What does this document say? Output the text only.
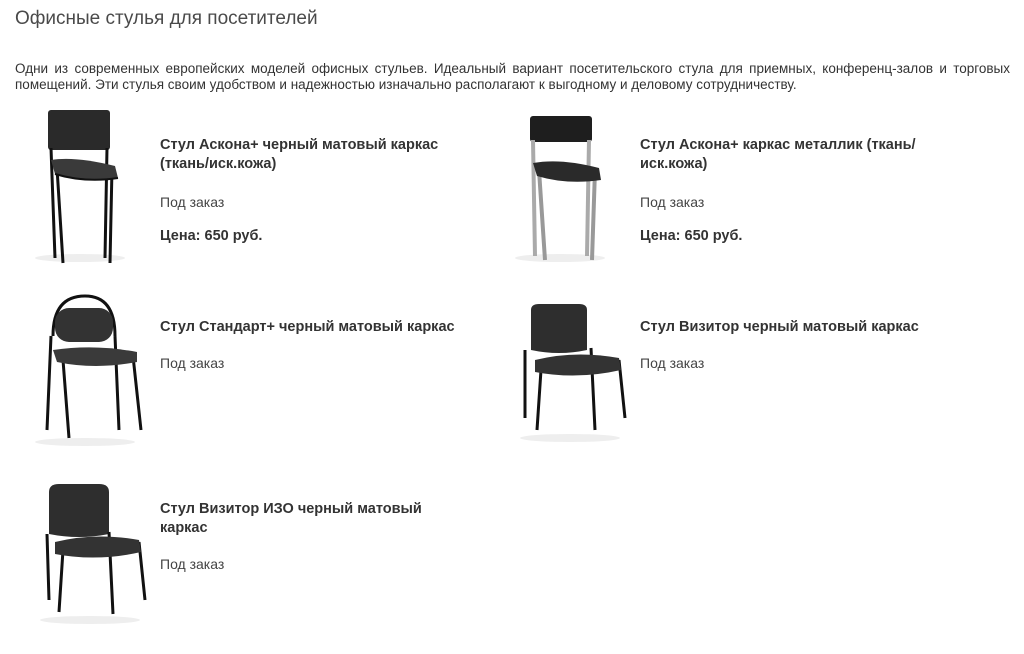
Офисные стулья для посетителей

Одни из современных европейских моделей офисных стульев. Идеальный вариант посетительского стула для приемных, конференц-залов и торговых помещений. Эти стулья своим удобством и надежностью изначально располагают к выгодному и деловому сотрудничеству.

Стул Аскона+ черный матовый каркас (ткань/иск.кожа)

Под заказ

Цена: 650 руб.

Стул Аскона+ каркас металлик (ткань/иск.кожа)

Под заказ

Цена: 650 руб.

Стул Стандарт+ черный матовый каркас

Под заказ

Стул Визитор черный матовый каркас

Под заказ

Стул Визитор ИЗО черный матовый каркас

Под заказ
